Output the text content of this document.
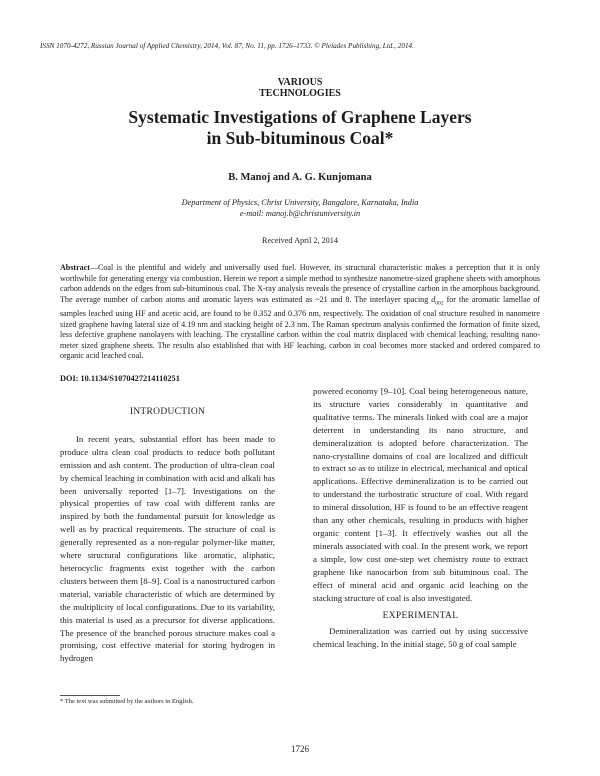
ISSN 1070-4272, Russian Journal of Applied Chemistry, 2014, Vol. 87, No. 11, pp. 1726–1733. © Pleiades Publishing, Ltd., 2014.
VARIOUS
TECHNOLOGIES
Systematic Investigations of Graphene Layers
in Sub-bituminous Coal*
B. Manoj and A. G. Kunjomana
Department of Physics, Christ University, Bangalore, Karnataka, India
e-mail: manoj.b@christuniversity.in
Received April 2, 2014
Abstract—Coal is the plentiful and widely and universally used fuel. However, its structural characteristic makes a perception that it is only worthwhile for generating energy via combustion. Herein we report a simple method to synthesize nanometre-sized graphene sheets with amorphous carbon addends on the edges from sub-bituminous coal. The X-ray analysis reveals the presence of crystalline carbon in the amorphous background. The average number of carbon atoms and aromatic layers was estimated as ~21 and 8. The interlayer spacing $d_{002}$ for the aromatic lamellae of samples leached using HF and acetic acid, are found to be 0.352 and 0.376 nm, respectively. The oxidation of coal structure resulted in nanometre sized graphene having lateral size of 4.19 nm and stacking height of 2.3 nm. The Raman spectrum analysis confirmed the formation of finite sized, less defective graphene nanolayers with leaching. The crystalline carbon within the coal matrix displaced with chemical leaching, resulting nano-meter sized graphene sheets. The results also established that with HF leaching, carbon in coal becomes more stacked and ordered compared to organic acid leached coal.
DOI: 10.1134/S1070427214110251
INTRODUCTION

In recent years, substantial effort has been made to produce ultra clean coal products to reduce both pollutant emission and ash content. The production of ultra-clean coal by chemical leaching in combination with acid and alkali has been universally reported [1–7]. Investigations on the physical properties of raw coal with different ranks are inspired by both the fundamental pursuit for knowledge as well as by practical requirements. The structure of coal is generally represented as a non-regular polymer-like matter, where structural configurations like aromatic, aliphatic, heterocyclic fragments exist together with the carbon clusters between them [8–9]. Coal is a nanostructured carbon material, variable characteristic of which are determined by the multiplicity of local configurations. Due to its variability, this material is used as a precursor for diverse applications. The presence of the branched porous structure makes coal a promising, cost effective material for storing hydrogen in hydrogen

powered economy [9–10]. Coal being heterogeneous nature, its structure varies considerably in quantitative and qualitative terms. The minerals linked with coal are a major deterrent in understanding its nano structure, and demineralization is adopted before characterization. The nano-crystalline domains of coal are localized and difficult to extract so as to utilize in electrical, mechanical and optical applications. Effective demineralization is to be carried out to understand the turbostratic structure of coal. With regard to mineral dissolution, HF is found to be an effective reagent than any other chemicals, resulting in products with higher organic content [1–3]. It effectively washes out all the minerals associated with coal. In the present work, we report a simple, low cost one-step wet chemistry route to extract graphene like nanocarbon from sub bituminous coal. The effect of mineral acid and organic acid leaching on the stacking structure of coal is also investigated.

EXPERIMENTAL

Demineralization was carried out by using successive chemical leaching. In the initial stage, 50 g of coal sample

* The text was submitted by the authors in English.
1726
